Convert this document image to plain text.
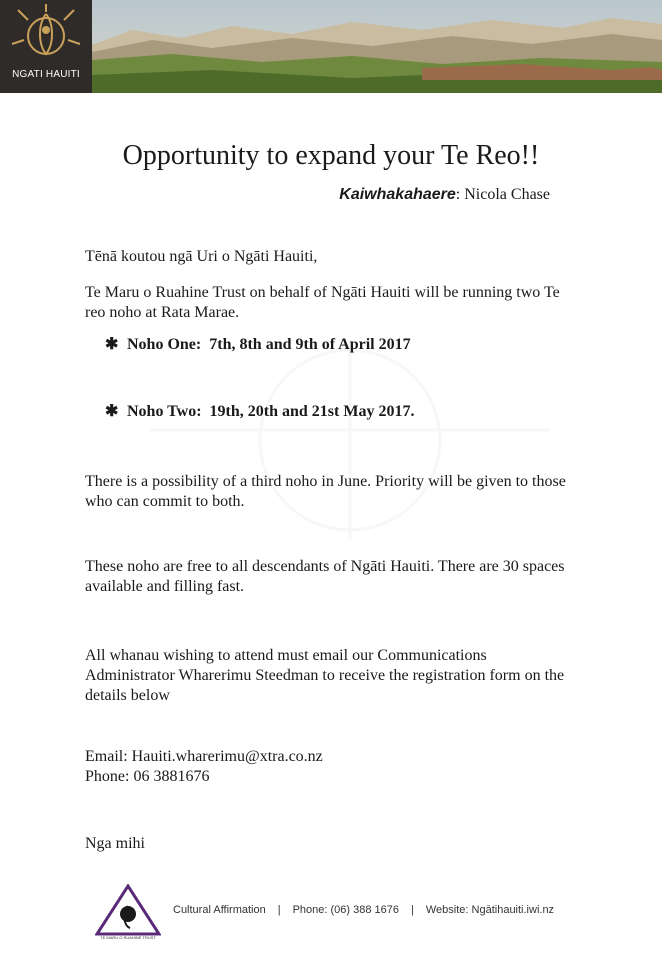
NGATI HAUITI
Opportunity to expand your Te Reo!!
Kaiwhakahaere: Nicola Chase

Tēnā koutou ngā Uri o Ngāti Hauiti,

Te Maru o Ruahine Trust on behalf of Ngāti Hauiti will be running two Te reo noho at Rata Marae.

✱ Noho One: 7th, 8th and 9th of April 2017
✱ Noho Two: 19th, 20th and 21st May 2017.

There is a possibility of a third noho in June. Priority will be given to those who can commit to both.

These noho are free to all descendants of Ngāti Hauiti. There are 30 spaces available and filling fast.

All whanau wishing to attend must email our Communications Administrator Wharerimu Steedman to receive the registration form on the details below

Email: Hauiti.wharerimu@xtra.co.nz

Phone: 06 3881676

Nga mihi

TE MARU O RUAHINE TRUST
Cultural Affirmation | Phone: (06) 388 1676 | Website: Ngātihauiti.iwi.nz
